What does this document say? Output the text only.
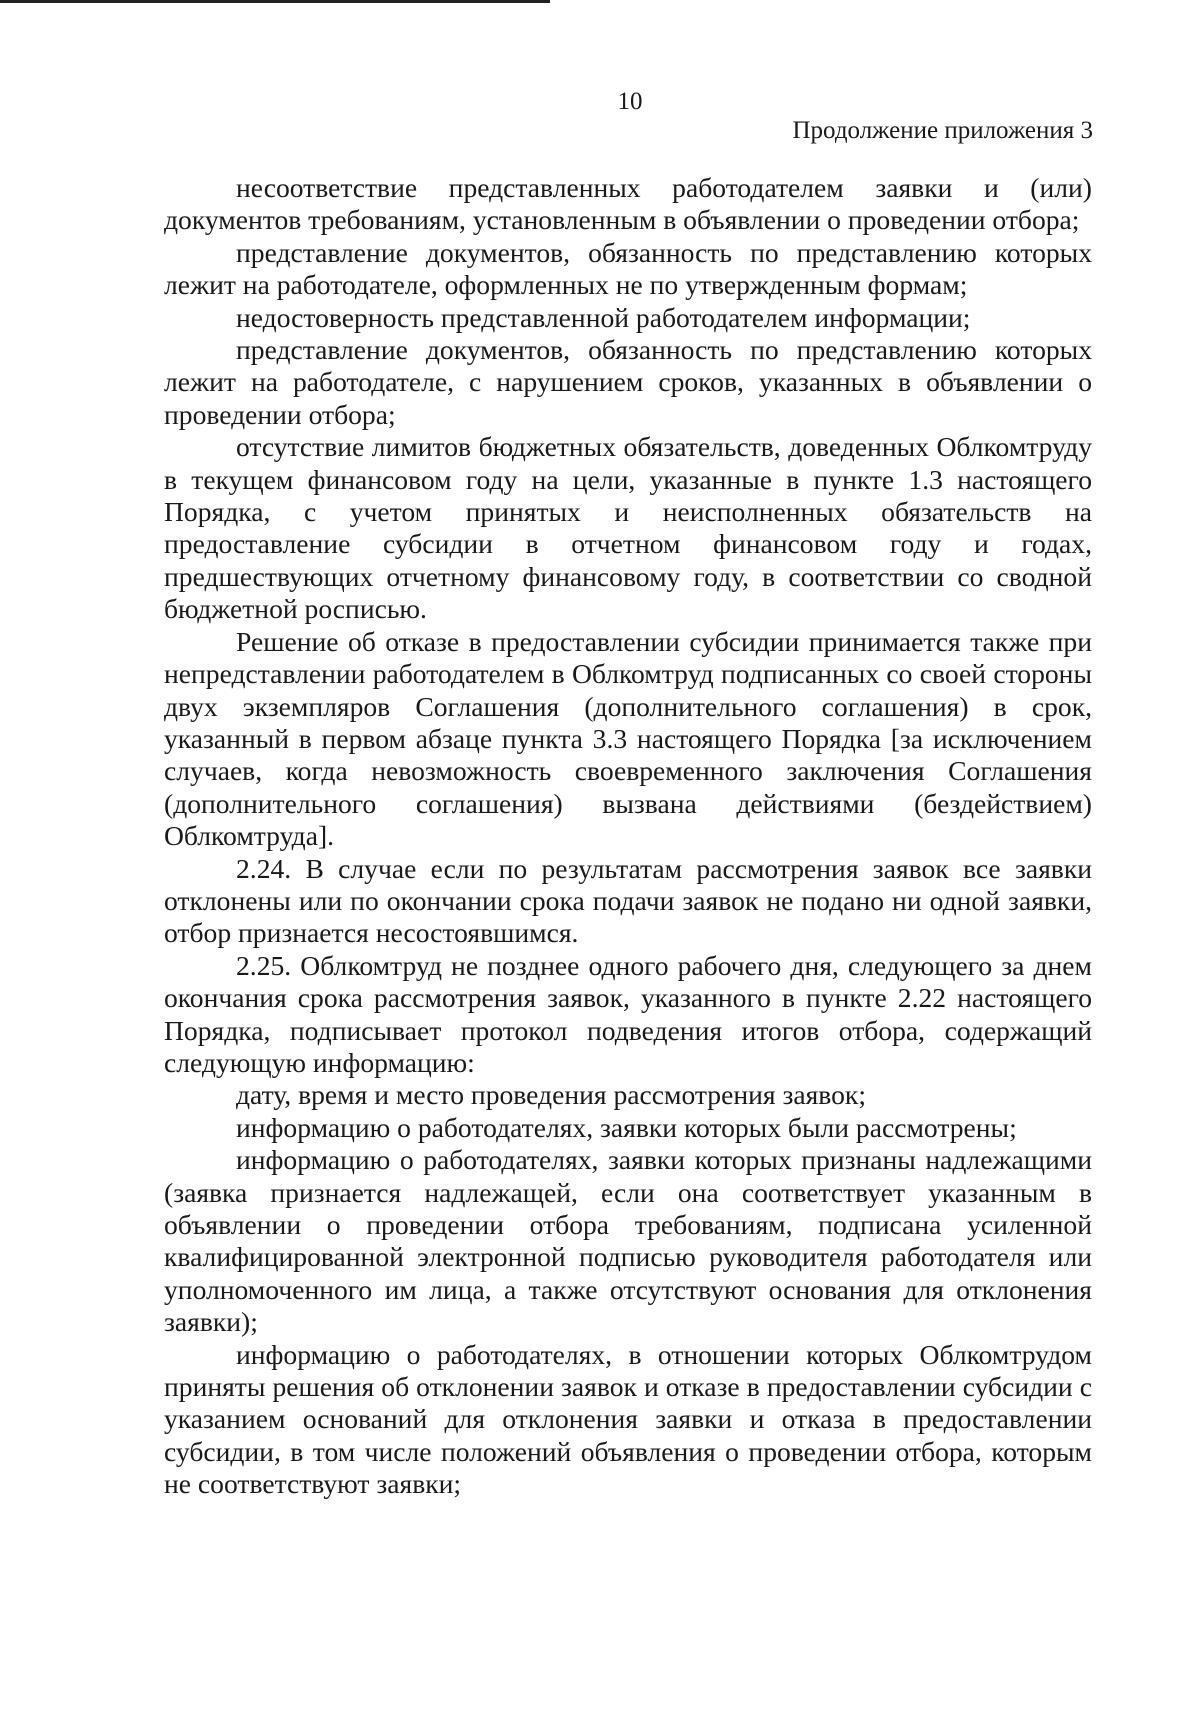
10
Продолжение приложения 3

несоответствие представленных работодателем заявки и (или) документов требованиям, установленным в объявлении о проведении отбора;

представление документов, обязанность по представлению которых лежит на работодателе, оформленных не по утвержденным формам;

недостоверность представленной работодателем информации;

представление документов, обязанность по представлению которых лежит на работодателе, с нарушением сроков, указанных в объявлении о проведении отбора;

отсутствие лимитов бюджетных обязательств, доведенных Облкомтруду в текущем финансовом году на цели, указанные в пункте 1.3 настоящего Порядка, с учетом принятых и неисполненных обязательств на предоставление субсидии в отчетном финансовом году и годах, предшествующих отчетному финансовому году, в соответствии со сводной бюджетной росписью.

Решение об отказе в предоставлении субсидии принимается также при непредставлении работодателем в Облкомтруд подписанных со своей стороны двух экземпляров Соглашения (дополнительного соглашения) в срок, указанный в первом абзаце пункта 3.3 настоящего Порядка [за исключением случаев, когда невозможность своевременного заключения Соглашения (дополнительного соглашения) вызвана действиями (бездействием) Облкомтруда].

2.24. В случае если по результатам рассмотрения заявок все заявки отклонены или по окончании срока подачи заявок не подано ни одной заявки, отбор признается несостоявшимся.

2.25. Облкомтруд не позднее одного рабочего дня, следующего за днем окончания срока рассмотрения заявок, указанного в пункте 2.22 настоящего Порядка, подписывает протокол подведения итогов отбора, содержащий следующую информацию:

дату, время и место проведения рассмотрения заявок;

информацию о работодателях, заявки которых были рассмотрены;

информацию о работодателях, заявки которых признаны надлежащими (заявка признается надлежащей, если она соответствует указанным в объявлении о проведении отбора требованиям, подписана усиленной квалифицированной электронной подписью руководителя работодателя или уполномоченного им лица, а также отсутствуют основания для отклонения заявки);

информацию о работодателях, в отношении которых Облкомтрудом приняты решения об отклонении заявок и отказе в предоставлении субсидии с указанием оснований для отклонения заявки и отказа в предоставлении субсидии, в том числе положений объявления о проведении отбора, которым не соответствуют заявки;
